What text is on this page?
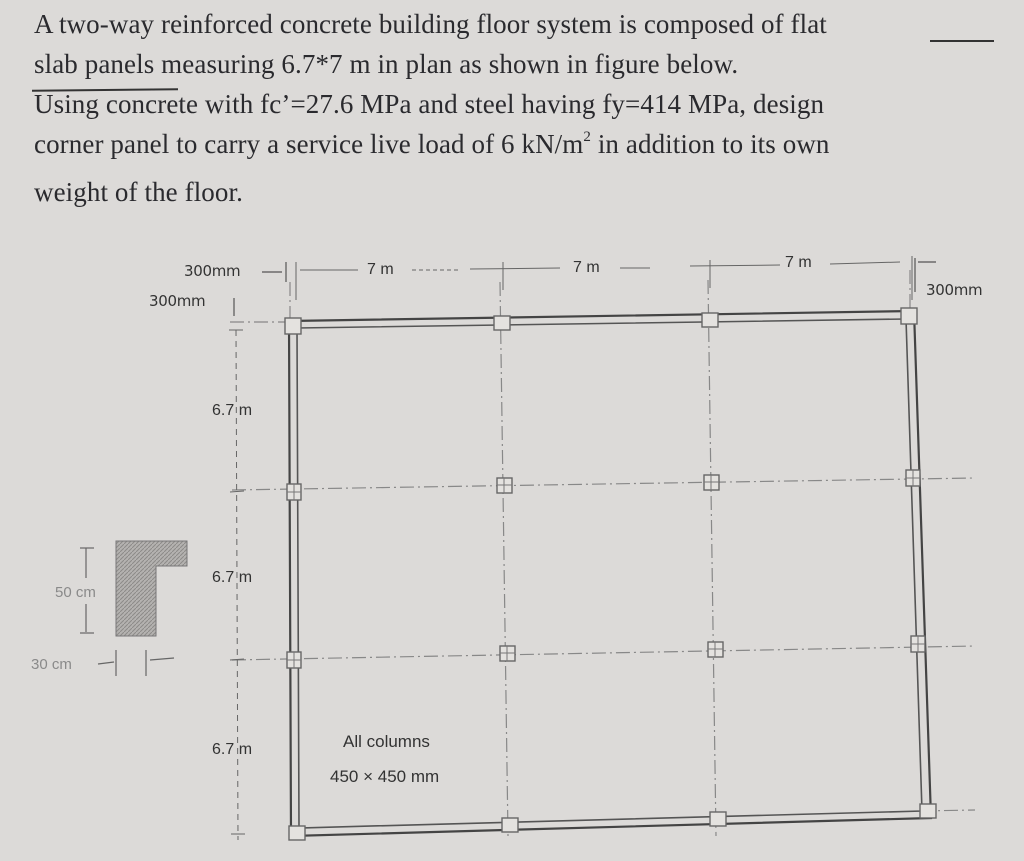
A two-way reinforced concrete building floor system is composed of flat
slab panels measuring 6.7*7 m in plan as shown in figure below.
Using concrete with fc’=27.6 MPa and steel having fy=414 MPa, design
corner panel to carry a service live load of 6 $kN/m^2$ in addition to its own
weight of the floor.
300mm	7 m	7 m	7 m
300mm
300mm
6.7 m
6.7 m
6.7 m
50 cm
30 cm
All columns
450 × 450 mm
